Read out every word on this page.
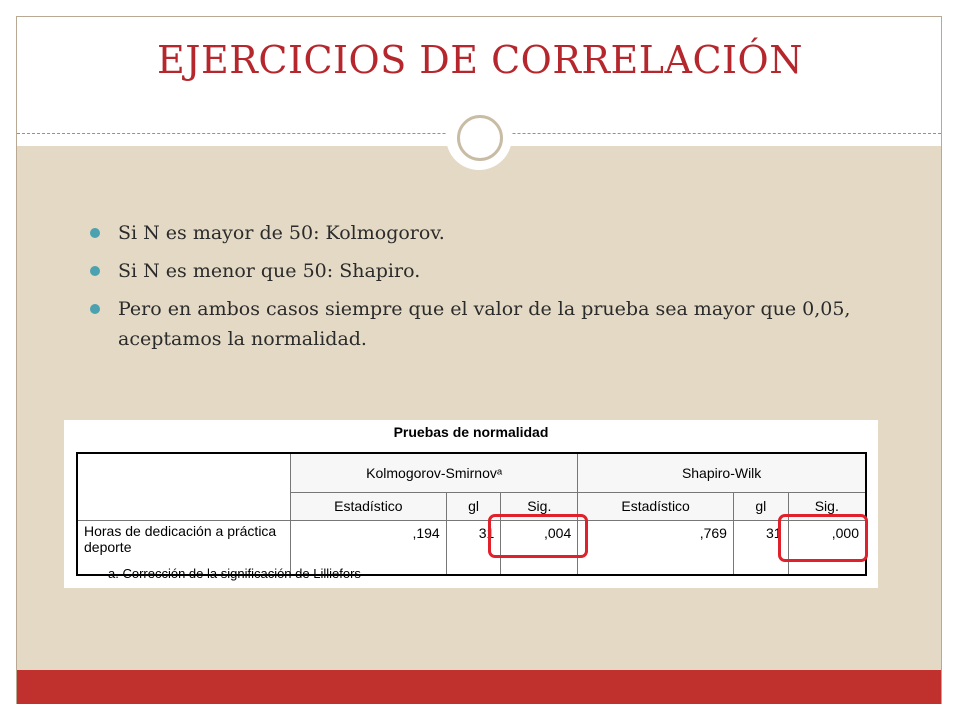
EJERCICIOS DE CORRELACIÓN
Si N es mayor de 50: Kolmogorov.
Si N es menor que 50: Shapiro.
Pero en ambos casos siempre que el valor de la prueba sea mayor que 0,05, aceptamos la normalidad.
Pruebas de normalidad
	Kolmogorov-Smirnovᵃ			Shapiro-Wilk		
	Estadístico	gl	Sig.	Estadístico	gl	Sig.
Horas de dedicación a práctica deporte	,194	31	,004	,769	31	,000
a. Corrección de la significación de Lilliefors
